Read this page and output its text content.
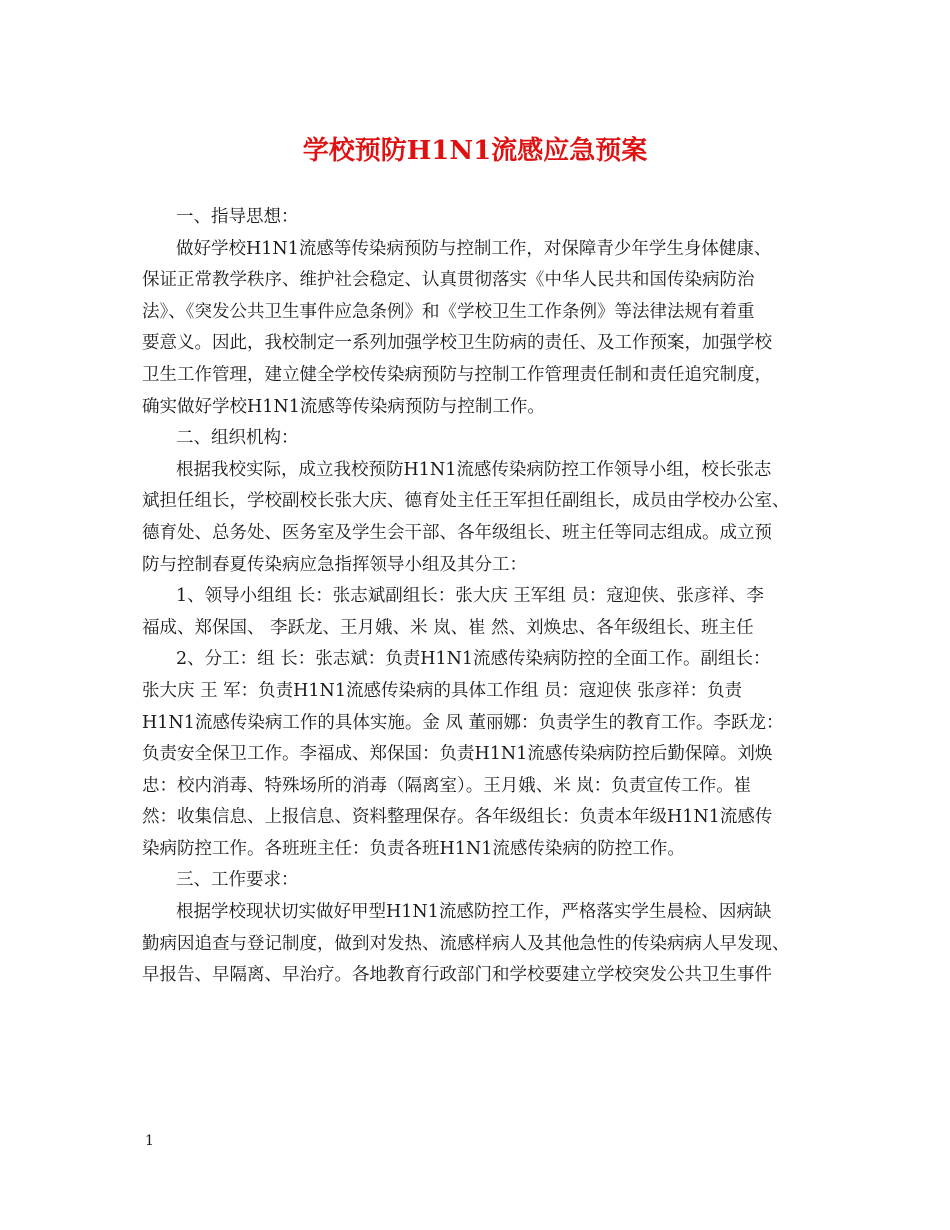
学校预防H1N1流感应急预案
一、指导思想：
做好学校H1N1流感等传染病预防与控制工作，对保障青少年学生身体健康、
保证正常教学秩序、维护社会稳定、认真贯彻落实《中华人民共和国传染病防治
法》、《突发公共卫生事件应急条例》和《学校卫生工作条例》等法律法规有着重
要意义。因此，我校制定一系列加强学校卫生防病的责任、及工作预案，加强学校
卫生工作管理，建立健全学校传染病预防与控制工作管理责任制和责任追究制度，
确实做好学校H1N1流感等传染病预防与控制工作。
二、组织机构：
根据我校实际，成立我校预防H1N1流感传染病防控工作领导小组，校长张志
斌担任组长，学校副校长张大庆、德育处主任王军担任副组长，成员由学校办公室、
德育处、总务处、医务室及学生会干部、各年级组长、班主任等同志组成。成立预
防与控制春夏传染病应急指挥领导小组及其分工：
1、领导小组组 长：张志斌副组长：张大庆 王军组 员：寇迎侠、张彦祥、李
福成、郑保国、 李跃龙、王月娥、米 岚、崔 然、刘焕忠、各年级组长、班主任
2、分工：组 长：张志斌：负责H1N1流感传染病防控的全面工作。副组长：
张大庆 王 军：负责H1N1流感传染病的具体工作组 员：寇迎侠 张彦祥：负责
H1N1流感传染病工作的具体实施。金 凤 董丽娜：负责学生的教育工作。李跃龙：
负责安全保卫工作。李福成、郑保国：负责H1N1流感传染病防控后勤保障。刘焕
忠：校内消毒、特殊场所的消毒（隔离室）。王月娥、米 岚：负责宣传工作。崔
然：收集信息、上报信息、资料整理保存。各年级组长：负责本年级H1N1流感传
染病防控工作。各班班主任：负责各班H1N1流感传染病的防控工作。
三、工作要求：
根据学校现状切实做好甲型H1N1流感防控工作，严格落实学生晨检、因病缺
勤病因追查与登记制度，做到对发热、流感样病人及其他急性的传染病病人早发现、
早报告、早隔离、早治疗。各地教育行政部门和学校要建立学校突发公共卫生事件
1
